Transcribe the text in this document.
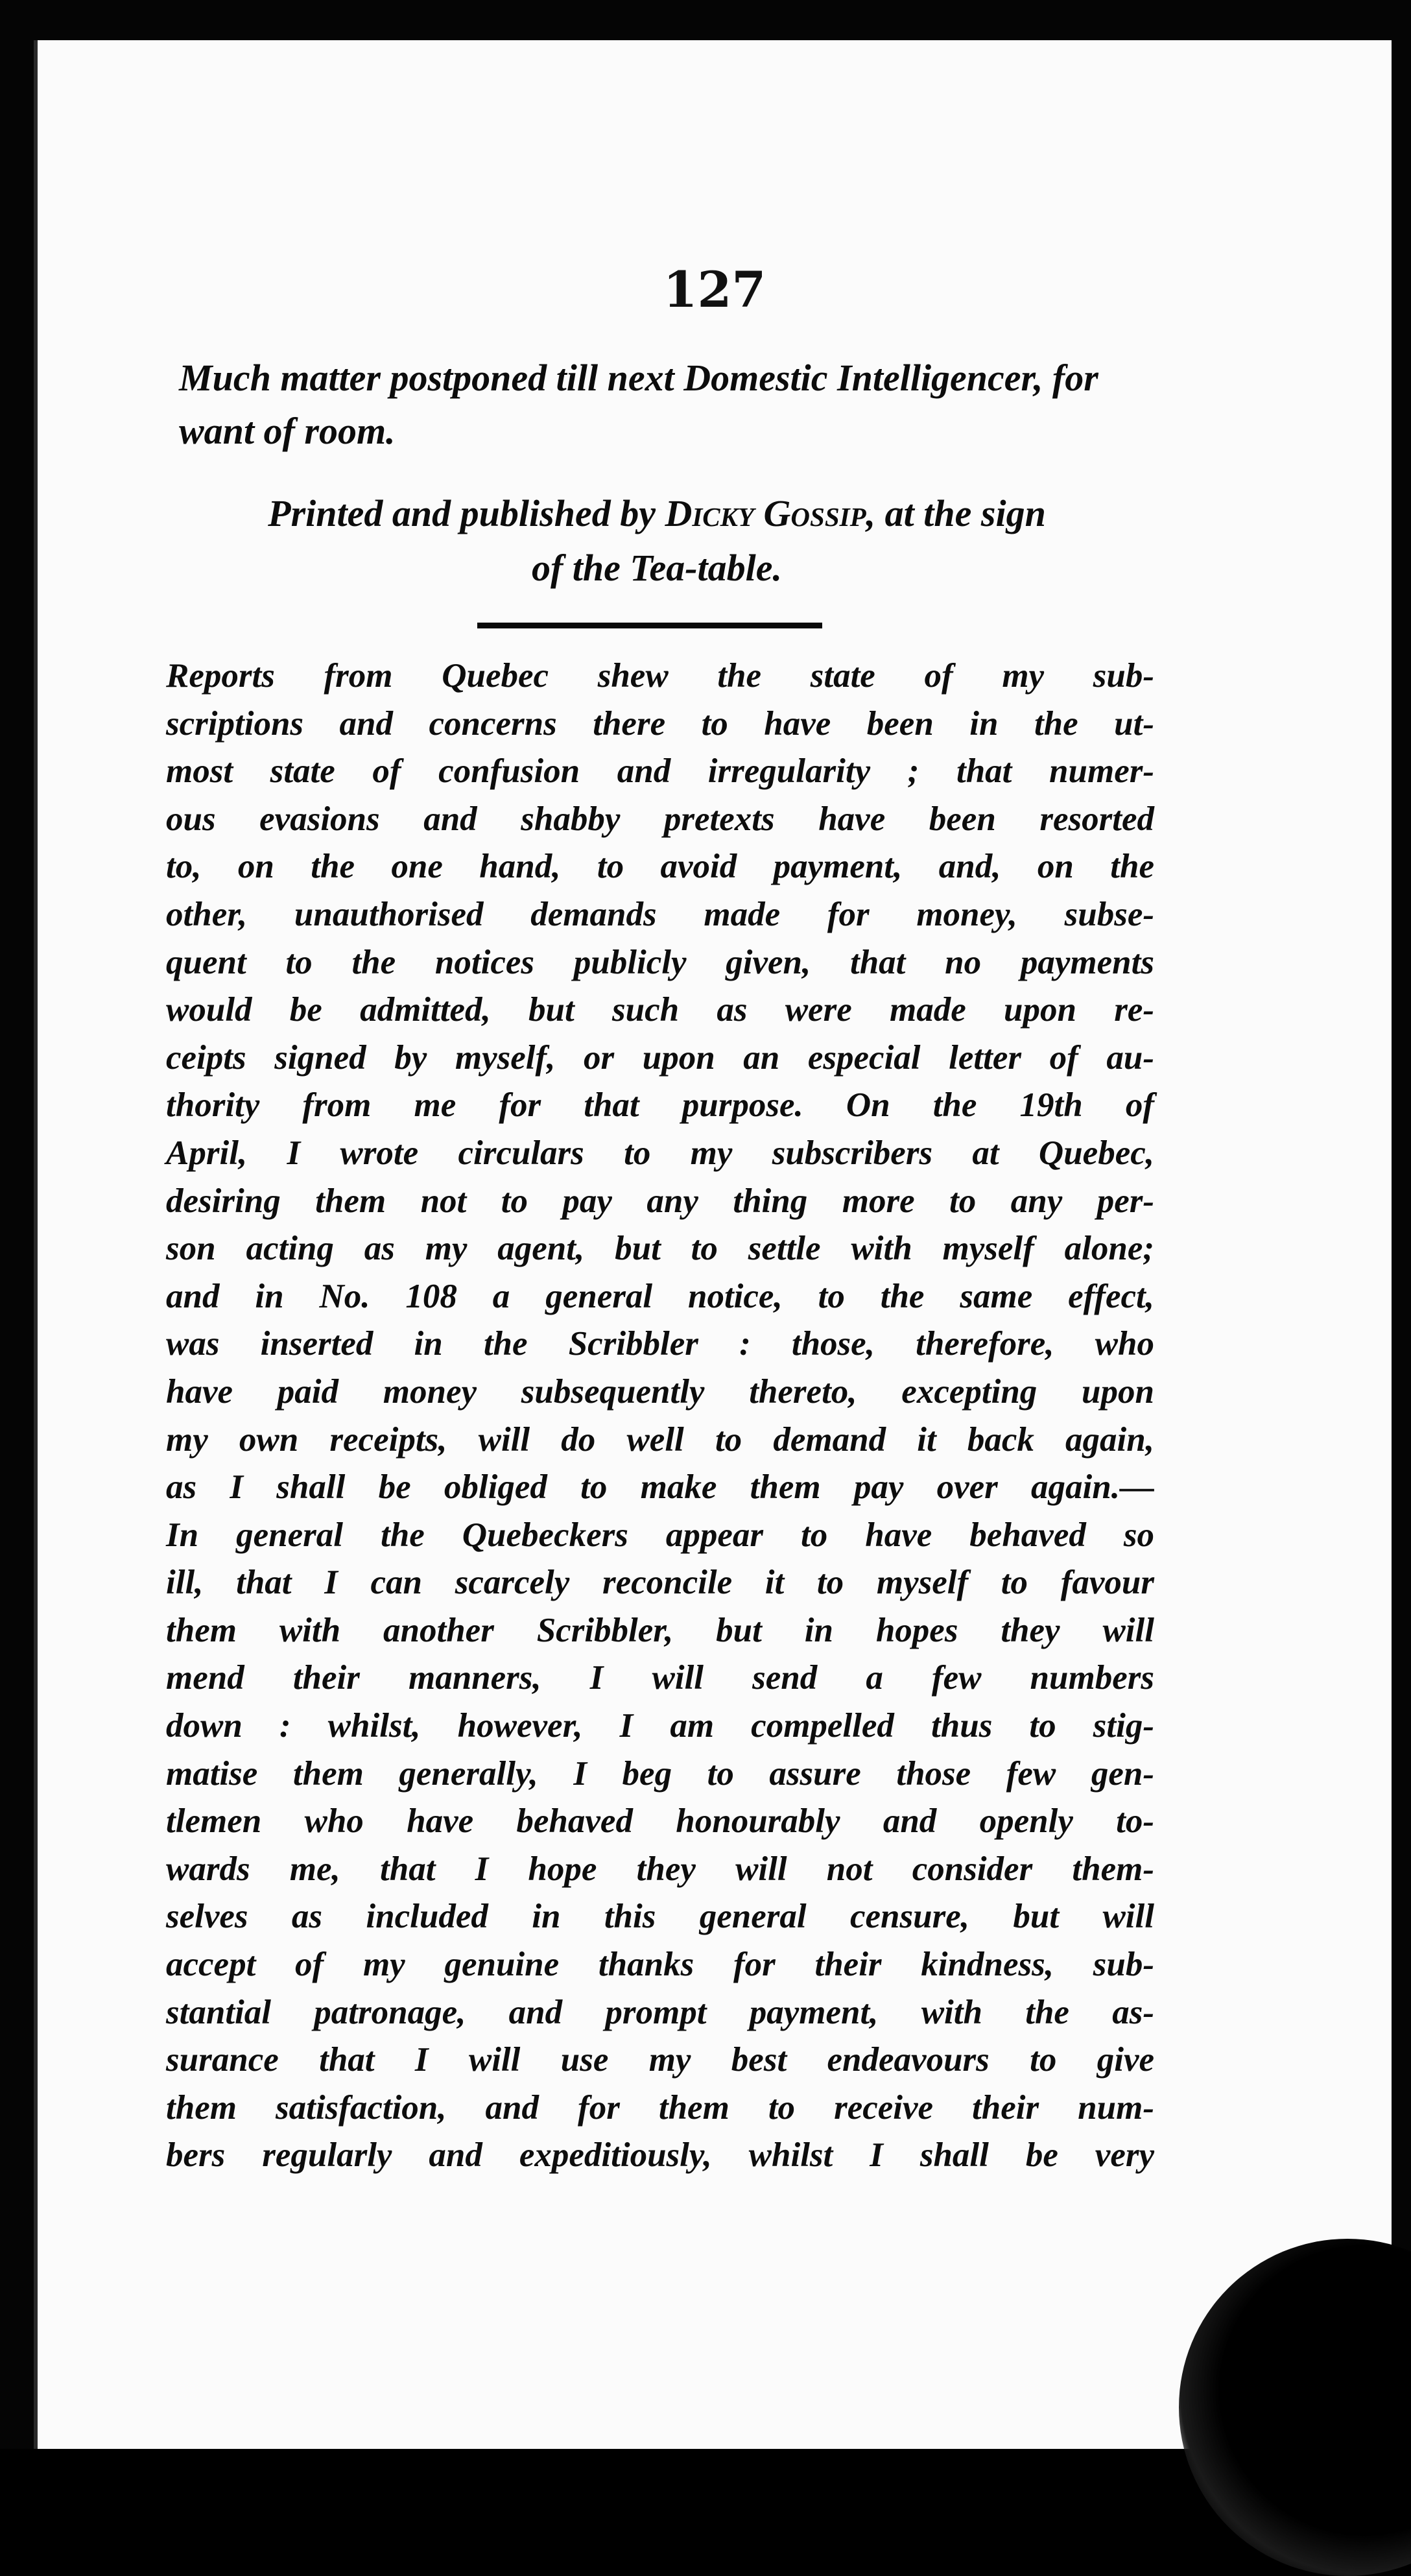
127

Much matter postponed till next Domestic Intelligencer, for want of room.

Printed and published by Dicky Gossip, at the sign
of the Tea-table.

Reports from Quebec shew the state of my sub-
scriptions and concerns there to have been in the ut-
most state of confusion and irregularity ; that numer-
ous evasions and shabby pretexts have been resorted
to, on the one hand, to avoid payment, and, on the
other, unauthorised demands made for money, subse-
quent to the notices publicly given, that no payments
would be admitted, but such as were made upon re-
ceipts signed by myself, or upon an especial letter of au-
thority from me for that purpose. On the 19th of
April, I wrote circulars to my subscribers at Quebec,
desiring them not to pay any thing more to any per-
son acting as my agent, but to settle with myself alone;
and in No. 108 a general notice, to the same effect,
was inserted in the Scribbler : those, therefore, who
have paid money subsequently thereto, excepting upon
my own receipts, will do well to demand it back again,
as I shall be obliged to make them pay over again.—
In general the Quebeckers appear to have behaved so
ill, that I can scarcely reconcile it to myself to favour
them with another Scribbler, but in hopes they will
mend their manners, I will send a few numbers
down : whilst, however, I am compelled thus to stig-
matise them generally, I beg to assure those few gen-
tlemen who have behaved honourably and openly to-
wards me, that I hope they will not consider them-
selves as included in this general censure, but will
accept of my genuine thanks for their kindness, sub-
stantial patronage, and prompt payment, with the as-
surance that I will use my best endeavours to give
them satisfaction, and for them to receive their num-
bers regularly and expeditiously, whilst I shall be very
